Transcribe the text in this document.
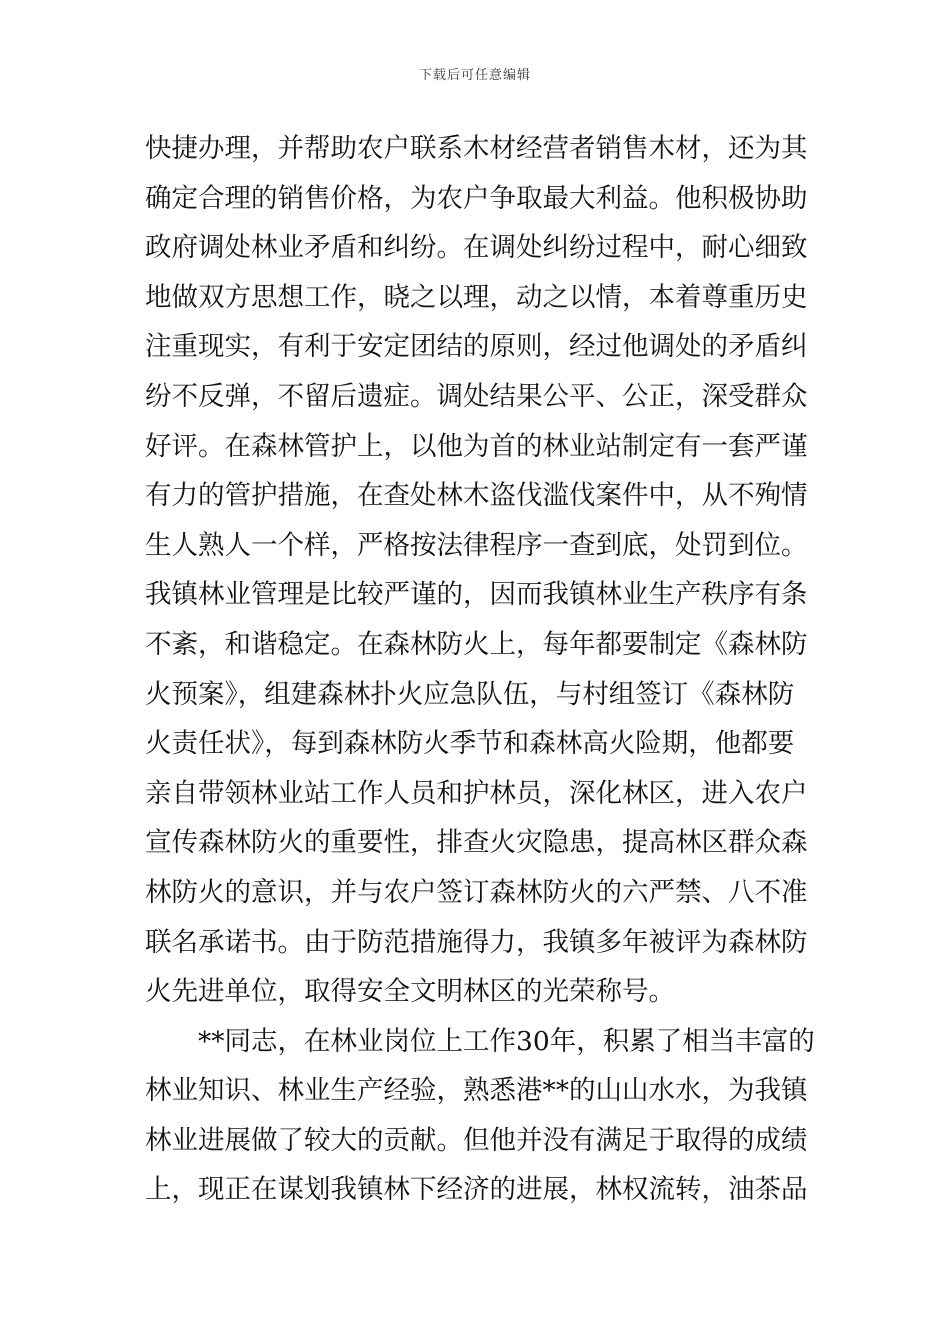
下载后可任意编辑
快捷办理，并帮助农户联系木材经营者销售木材，还为其
确定合理的销售价格，为农户争取最大利益。他积极协助
政府调处林业矛盾和纠纷。在调处纠纷过程中，耐心细致
地做双方思想工作，晓之以理，动之以情，本着尊重历史
注重现实，有利于安定团结的原则，经过他调处的矛盾纠
纷不反弹，不留后遗症。调处结果公平、公正，深受群众
好评。在森林管护上，以他为首的林业站制定有一套严谨
有力的管护措施，在查处林木盗伐滥伐案件中，从不殉情
生人熟人一个样，严格按法律程序一查到底，处罚到位。
我镇林业管理是比较严谨的，因而我镇林业生产秩序有条
不紊，和谐稳定。在森林防火上，每年都要制定《森林防
火预案》，组建森林扑火应急队伍，与村组签订《森林防
火责任状》，每到森林防火季节和森林高火险期，他都要
亲自带领林业站工作人员和护林员，深化林区，进入农户
宣传森林防火的重要性，排查火灾隐患，提高林区群众森
林防火的意识，并与农户签订森林防火的六严禁、八不准
联名承诺书。由于防范措施得力，我镇多年被评为森林防
火先进单位，取得安全文明林区的光荣称号。
**同志，在林业岗位上工作30年，积累了相当丰富的
林业知识、林业生产经验，熟悉港**的山山水水，为我镇
林业进展做了较大的贡献。但他并没有满足于取得的成绩
上，现正在谋划我镇林下经济的进展，林权流转，油茶品
